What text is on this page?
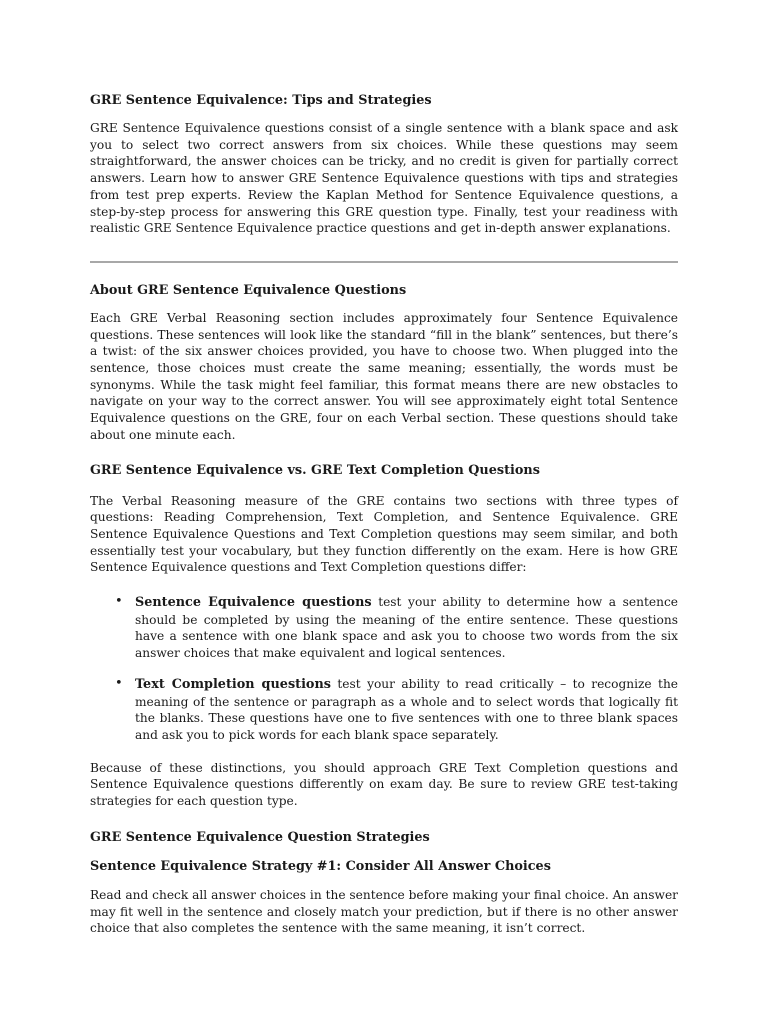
GRE Sentence Equivalence: Tips and Strategies

GRE Sentence Equivalence questions consist of a single sentence with a blank space and ask you to select two correct answers from six choices. While these questions may seem straightforward, the answer choices can be tricky, and no credit is given for partially correct answers. Learn how to answer GRE Sentence Equivalence questions with tips and strategies from test prep experts. Review the Kaplan Method for Sentence Equivalence questions, a step-by-step process for answering this GRE question type. Finally, test your readiness with realistic GRE Sentence Equivalence practice questions and get in-depth answer explanations.

About GRE Sentence Equivalence Questions

Each GRE Verbal Reasoning section includes approximately four Sentence Equivalence questions. These sentences will look like the standard “fill in the blank” sentences, but there’s a twist: of the six answer choices provided, you have to choose two. When plugged into the sentence, those choices must create the same meaning; essentially, the words must be synonyms. While the task might feel familiar, this format means there are new obstacles to navigate on your way to the correct answer. You will see approximately eight total Sentence Equivalence questions on the GRE, four on each Verbal section. These questions should take about one minute each.

GRE Sentence Equivalence vs. GRE Text Completion Questions

The Verbal Reasoning measure of the GRE contains two sections with three types of questions: Reading Comprehension, Text Completion, and Sentence Equivalence. GRE Sentence Equivalence Questions and Text Completion questions may seem similar, and both essentially test your vocabulary, but they function differently on the exam. Here is how GRE Sentence Equivalence questions and Text Completion questions differ:

• Sentence Equivalence questions test your ability to determine how a sentence should be completed by using the meaning of the entire sentence. These questions have a sentence with one blank space and ask you to choose two words from the six answer choices that make equivalent and logical sentences.

• Text Completion questions test your ability to read critically – to recognize the meaning of the sentence or paragraph as a whole and to select words that logically fit the blanks. These questions have one to five sentences with one to three blank spaces and ask you to pick words for each blank space separately.

Because of these distinctions, you should approach GRE Text Completion questions and Sentence Equivalence questions differently on exam day. Be sure to review GRE test-taking strategies for each question type.

GRE Sentence Equivalence Question Strategies
Sentence Equivalence Strategy #1: Consider All Answer Choices

Read and check all answer choices in the sentence before making your final choice. An answer may fit well in the sentence and closely match your prediction, but if there is no other answer choice that also completes the sentence with the same meaning, it isn’t correct.
